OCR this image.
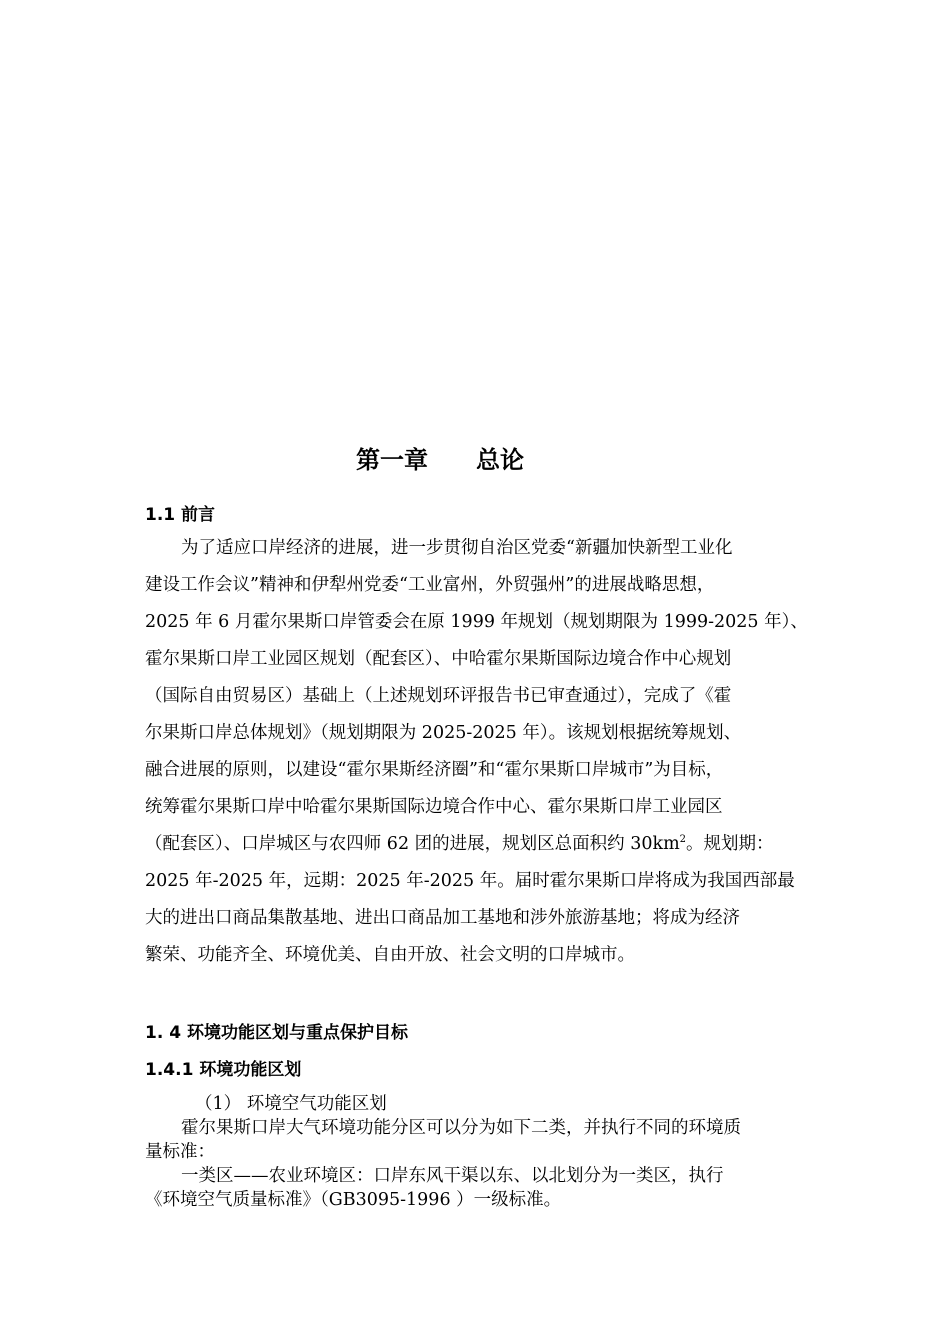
第一章　　总论
1.1 前言
为了适应口岸经济的进展，进一步贯彻自治区党委“新疆加快新型工业化
建设工作会议”精神和伊犁州党委“工业富州，外贸强州”的进展战略思想，
2025 年 6 月霍尔果斯口岸管委会在原 1999 年规划（规划期限为 1999-2025 年）、
霍尔果斯口岸工业园区规划（配套区）、中哈霍尔果斯国际边境合作中心规划
（国际自由贸易区）基础上（上述规划环评报告书已审查通过），完成了《霍
尔果斯口岸总体规划》（规划期限为 2025-2025 年）。该规划根据统筹规划、
融合进展的原则，以建设“霍尔果斯经济圈”和“霍尔果斯口岸城市”为目标，
统筹霍尔果斯口岸中哈霍尔果斯国际边境合作中心、霍尔果斯口岸工业园区
（配套区）、口岸城区与农四师 62 团的进展，规划区总面积约 $30km^2$。规划期：
2025 年-2025 年，远期：2025 年-2025 年。届时霍尔果斯口岸将成为我国西部最
大的进出口商品集散基地、进出口商品加工基地和涉外旅游基地；将成为经济
繁荣、功能齐全、环境优美、自由开放、社会文明的口岸城市。
1. 4 环境功能区划与重点保护目标
1.4.1 环境功能区划
（1） 环境空气功能区划
霍尔果斯口岸大气环境功能分区可以分为如下二类，并执行不同的环境质
量标准：
一类区——农业环境区：口岸东风干渠以东、以北划分为一类区，执行
《环境空气质量标准》（GB3095-1996 ）一级标准。
